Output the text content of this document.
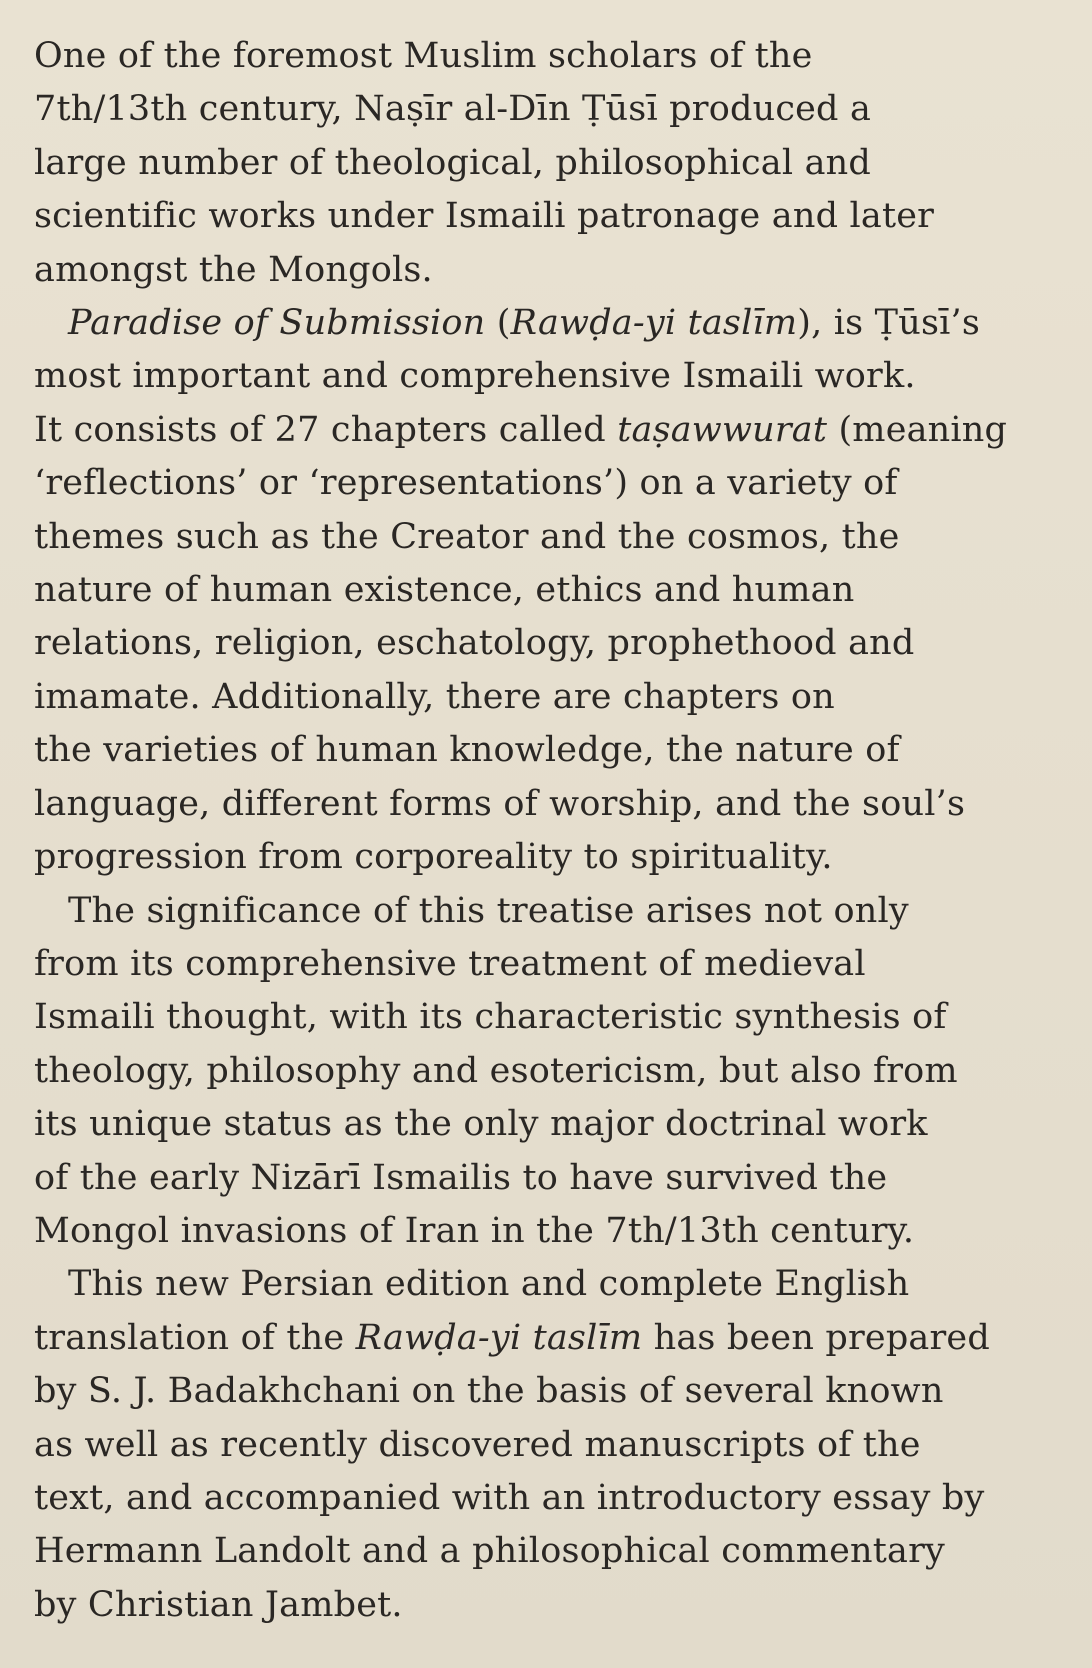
One of the foremost Muslim scholars of the
7th/13th century, Naṣīr al-Dīn Ṭūsī produced a
large number of theological, philosophical and
scientific works under Ismaili patronage and later
amongst the Mongols.

Paradise of Submission (Rawḍa-yi taslīm), is Ṭūsī’s
most important and comprehensive Ismaili work.
It consists of 27 chapters called taṣawwurat (meaning
‘reflections’ or ‘representations’) on a variety of
themes such as the Creator and the cosmos, the
nature of human existence, ethics and human
relations, religion, eschatology, prophethood and
imamate. Additionally, there are chapters on
the varieties of human knowledge, the nature of
language, different forms of worship, and the soul’s
progression from corporeality to spirituality.

The significance of this treatise arises not only
from its comprehensive treatment of medieval
Ismaili thought, with its characteristic synthesis of
theology, philosophy and esotericism, but also from
its unique status as the only major doctrinal work
of the early Nizārī Ismailis to have survived the
Mongol invasions of Iran in the 7th/13th century.

This new Persian edition and complete English
translation of the Rawḍa-yi taslīm has been prepared
by S. J. Badakhchani on the basis of several known
as well as recently discovered manuscripts of the
text, and accompanied with an introductory essay by
Hermann Landolt and a philosophical commentary
by Christian Jambet.
